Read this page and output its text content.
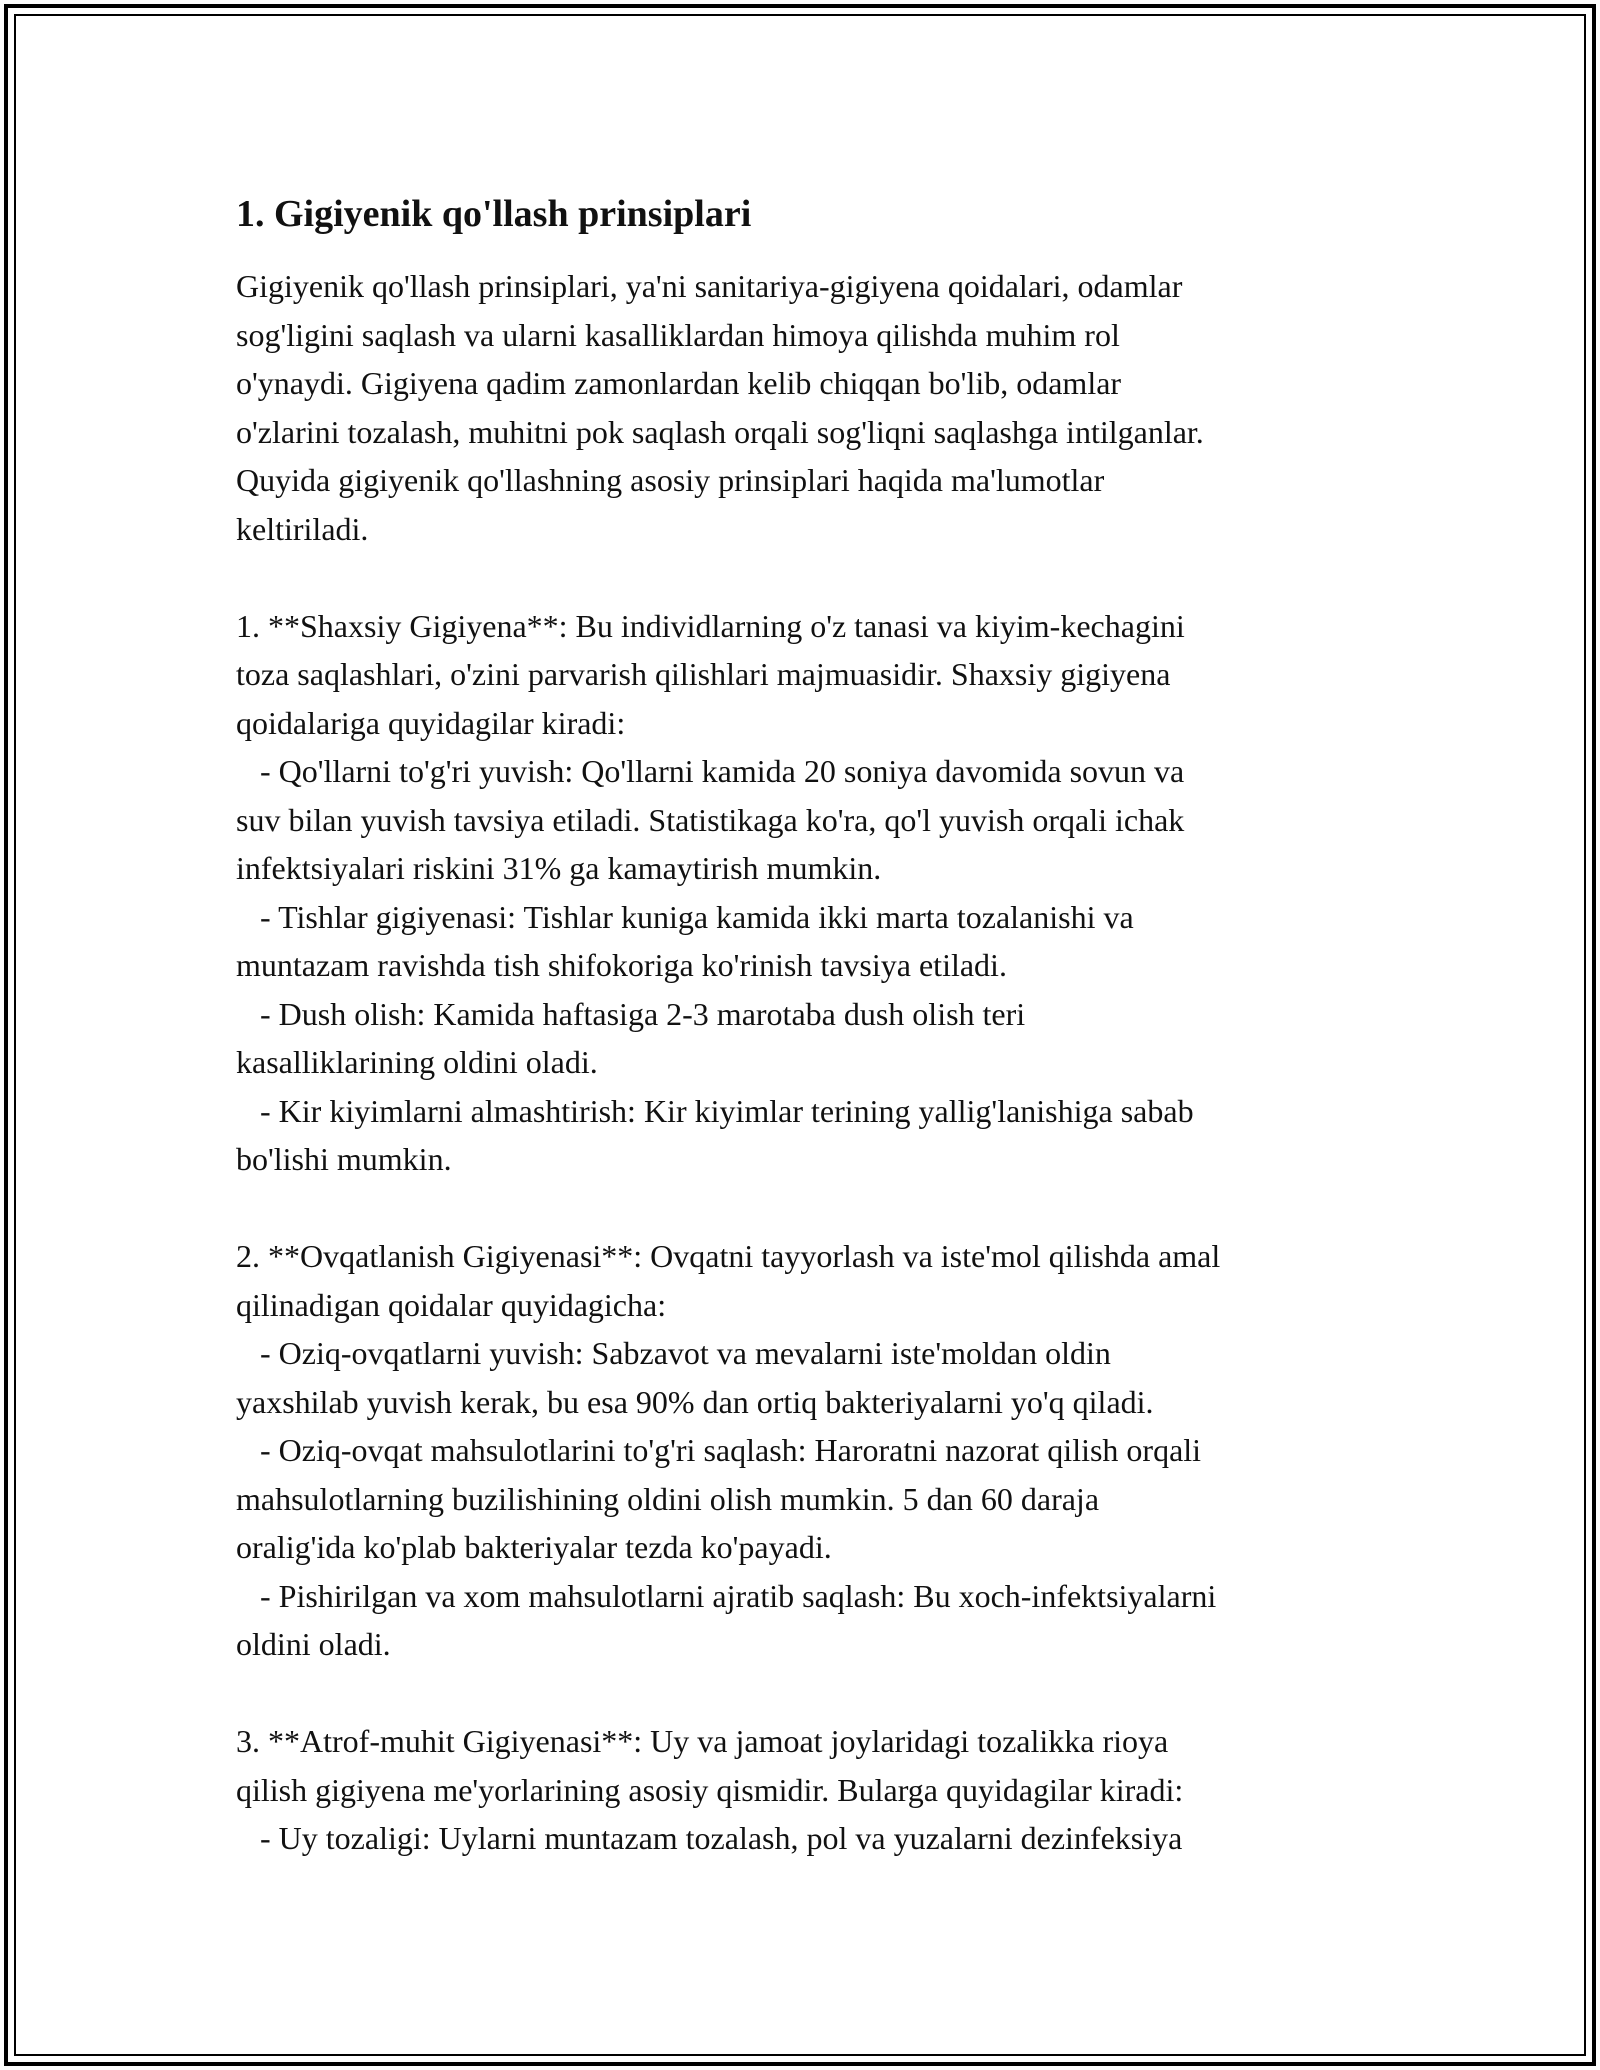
1. Gigiyenik qo'llash prinsiplari

Gigiyenik qo'llash prinsiplari, ya'ni sanitariya-gigiyena qoidalari, odamlar
sog'ligini saqlash va ularni kasalliklardan himoya qilishda muhim rol
o'ynaydi. Gigiyena qadim zamonlardan kelib chiqqan bo'lib, odamlar
o'zlarini tozalash, muhitni pok saqlash orqali sog'liqni saqlashga intilganlar.
Quyida gigiyenik qo'llashning asosiy prinsiplari haqida ma'lumotlar
keltiriladi.

1. **Shaxsiy Gigiyena**: Bu individlarning o'z tanasi va kiyim-kechagini
toza saqlashlari, o'zini parvarish qilishlari majmuasidir. Shaxsiy gigiyena
qoidalariga quyidagilar kiradi:
- Qo'llarni to'g'ri yuvish: Qo'llarni kamida 20 soniya davomida sovun va
suv bilan yuvish tavsiya etiladi. Statistikaga ko'ra, qo'l yuvish orqali ichak
infektsiyalari riskini 31% ga kamaytirish mumkin.
- Tishlar gigiyenasi: Tishlar kuniga kamida ikki marta tozalanishi va
muntazam ravishda tish shifokoriga ko'rinish tavsiya etiladi.
- Dush olish: Kamida haftasiga 2-3 marotaba dush olish teri
kasalliklarining oldini oladi.
- Kir kiyimlarni almashtirish: Kir kiyimlar terining yallig'lanishiga sabab
bo'lishi mumkin.

2. **Ovqatlanish Gigiyenasi**: Ovqatni tayyorlash va iste'mol qilishda amal
qilinadigan qoidalar quyidagicha:
- Oziq-ovqatlarni yuvish: Sabzavot va mevalarni iste'moldan oldin
yaxshilab yuvish kerak, bu esa 90% dan ortiq bakteriyalarni yo'q qiladi.
- Oziq-ovqat mahsulotlarini to'g'ri saqlash: Haroratni nazorat qilish orqali
mahsulotlarning buzilishining oldini olish mumkin. 5 dan 60 daraja
oralig'ida ko'plab bakteriyalar tezda ko'payadi.
- Pishirilgan va xom mahsulotlarni ajratib saqlash: Bu xoch-infektsiyalarni
oldini oladi.

3. **Atrof-muhit Gigiyenasi**: Uy va jamoat joylaridagi tozalikka rioya
qilish gigiyena me'yorlarining asosiy qismidir. Bularga quyidagilar kiradi:
- Uy tozaligi: Uylarni muntazam tozalash, pol va yuzalarni dezinfeksiya
